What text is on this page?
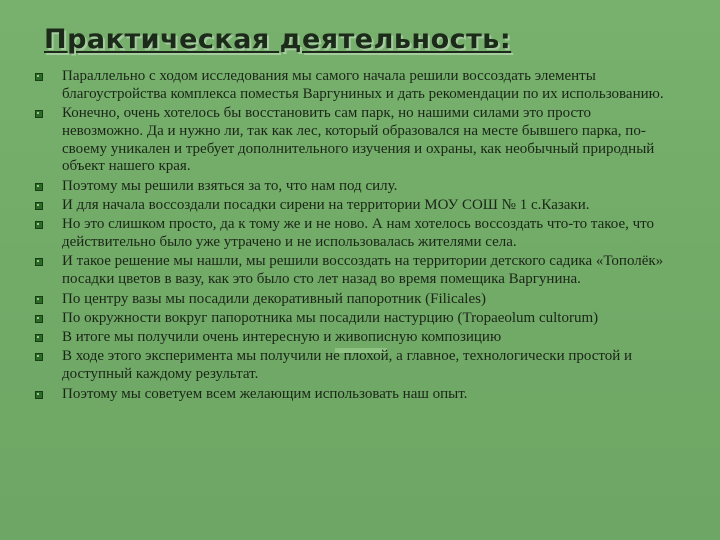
Практическая деятельность:
Параллельно с ходом исследования мы самого начала решили воссоздать элементы благоустройства комплекса поместья Варгуниных и дать рекомендации по их использованию.
Конечно, очень хотелось бы восстановить сам парк, но нашими силами это просто невозможно. Да и нужно ли, так как лес, который образовался на месте бывшего парка, по-своему уникален и требует дополнительного изучения и охраны, как необычный природный объект нашего края.
Поэтому мы решили взяться за то, что нам под силу.
И для начала воссоздали посадки сирени на территории МОУ СОШ № 1 с.Казаки.
Но это слишком просто, да к тому же и не ново. А нам хотелось воссоздать что-то такое, что действительно было уже утрачено и не использовалась жителями села.
И такое решение мы нашли, мы решили воссоздать на территории детского садика «Тополёк» посадки цветов в вазу, как это было сто лет назад во время помещика Варгунина.
По центру вазы мы посадили декоративный папоротник (Filicales)
По окружности вокруг папоротника мы посадили настурцию (Tropaeolum cultorum)
В итоге мы получили очень интересную и живописную композицию
В ходе этого эксперимента мы получили не плохой, а главное, технологически простой и доступный каждому результат.
Поэтому мы советуем всем желающим использовать наш опыт.
